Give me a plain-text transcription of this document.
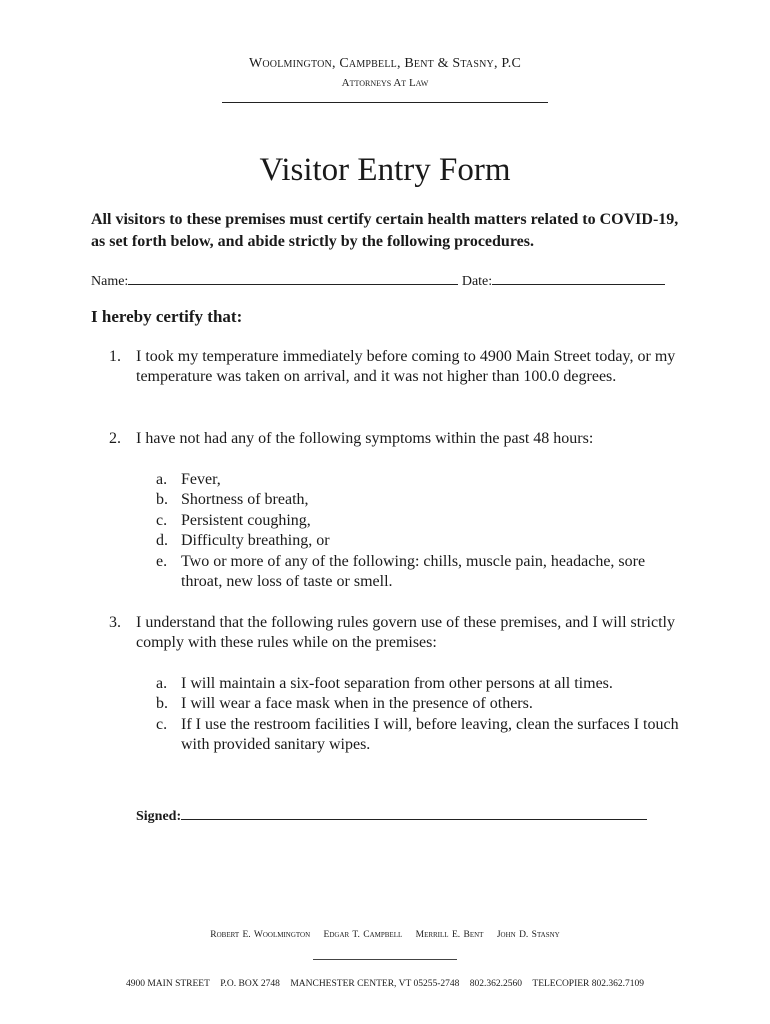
Woolmington, Campbell, Bent & Stasny, P.C
Attorneys At Law
Visitor Entry Form
All visitors to these premises must certify certain health matters related to COVID-19, as set forth below, and abide strictly by the following procedures.
Name:	Date:
I hereby certify that:
1. I took my temperature immediately before coming to 4900 Main Street today, or my temperature was taken on arrival, and it was not higher than 100.0 degrees.
2. I have not had any of the following symptoms within the past 48 hours:
a. Fever,
b. Shortness of breath,
c. Persistent coughing,
d. Difficulty breathing, or
e. Two or more of any of the following: chills, muscle pain, headache, sore throat, new loss of taste or smell.
3. I understand that the following rules govern use of these premises, and I will strictly comply with these rules while on the premises:
a. I will maintain a six-foot separation from other persons at all times.
b. I will wear a face mask when in the presence of others.
c. If I use the restroom facilities I will, before leaving, clean the surfaces I touch with provided sanitary wipes.
Signed:
Robert E. Woolmington Edgar T. Campbell Merrill E. Bent John D. Stasny
4900 MAIN STREET P.O. BOX 2748 MANCHESTER CENTER, VT 05255-2748 802.362.2560 TELECOPIER 802.362.7109
